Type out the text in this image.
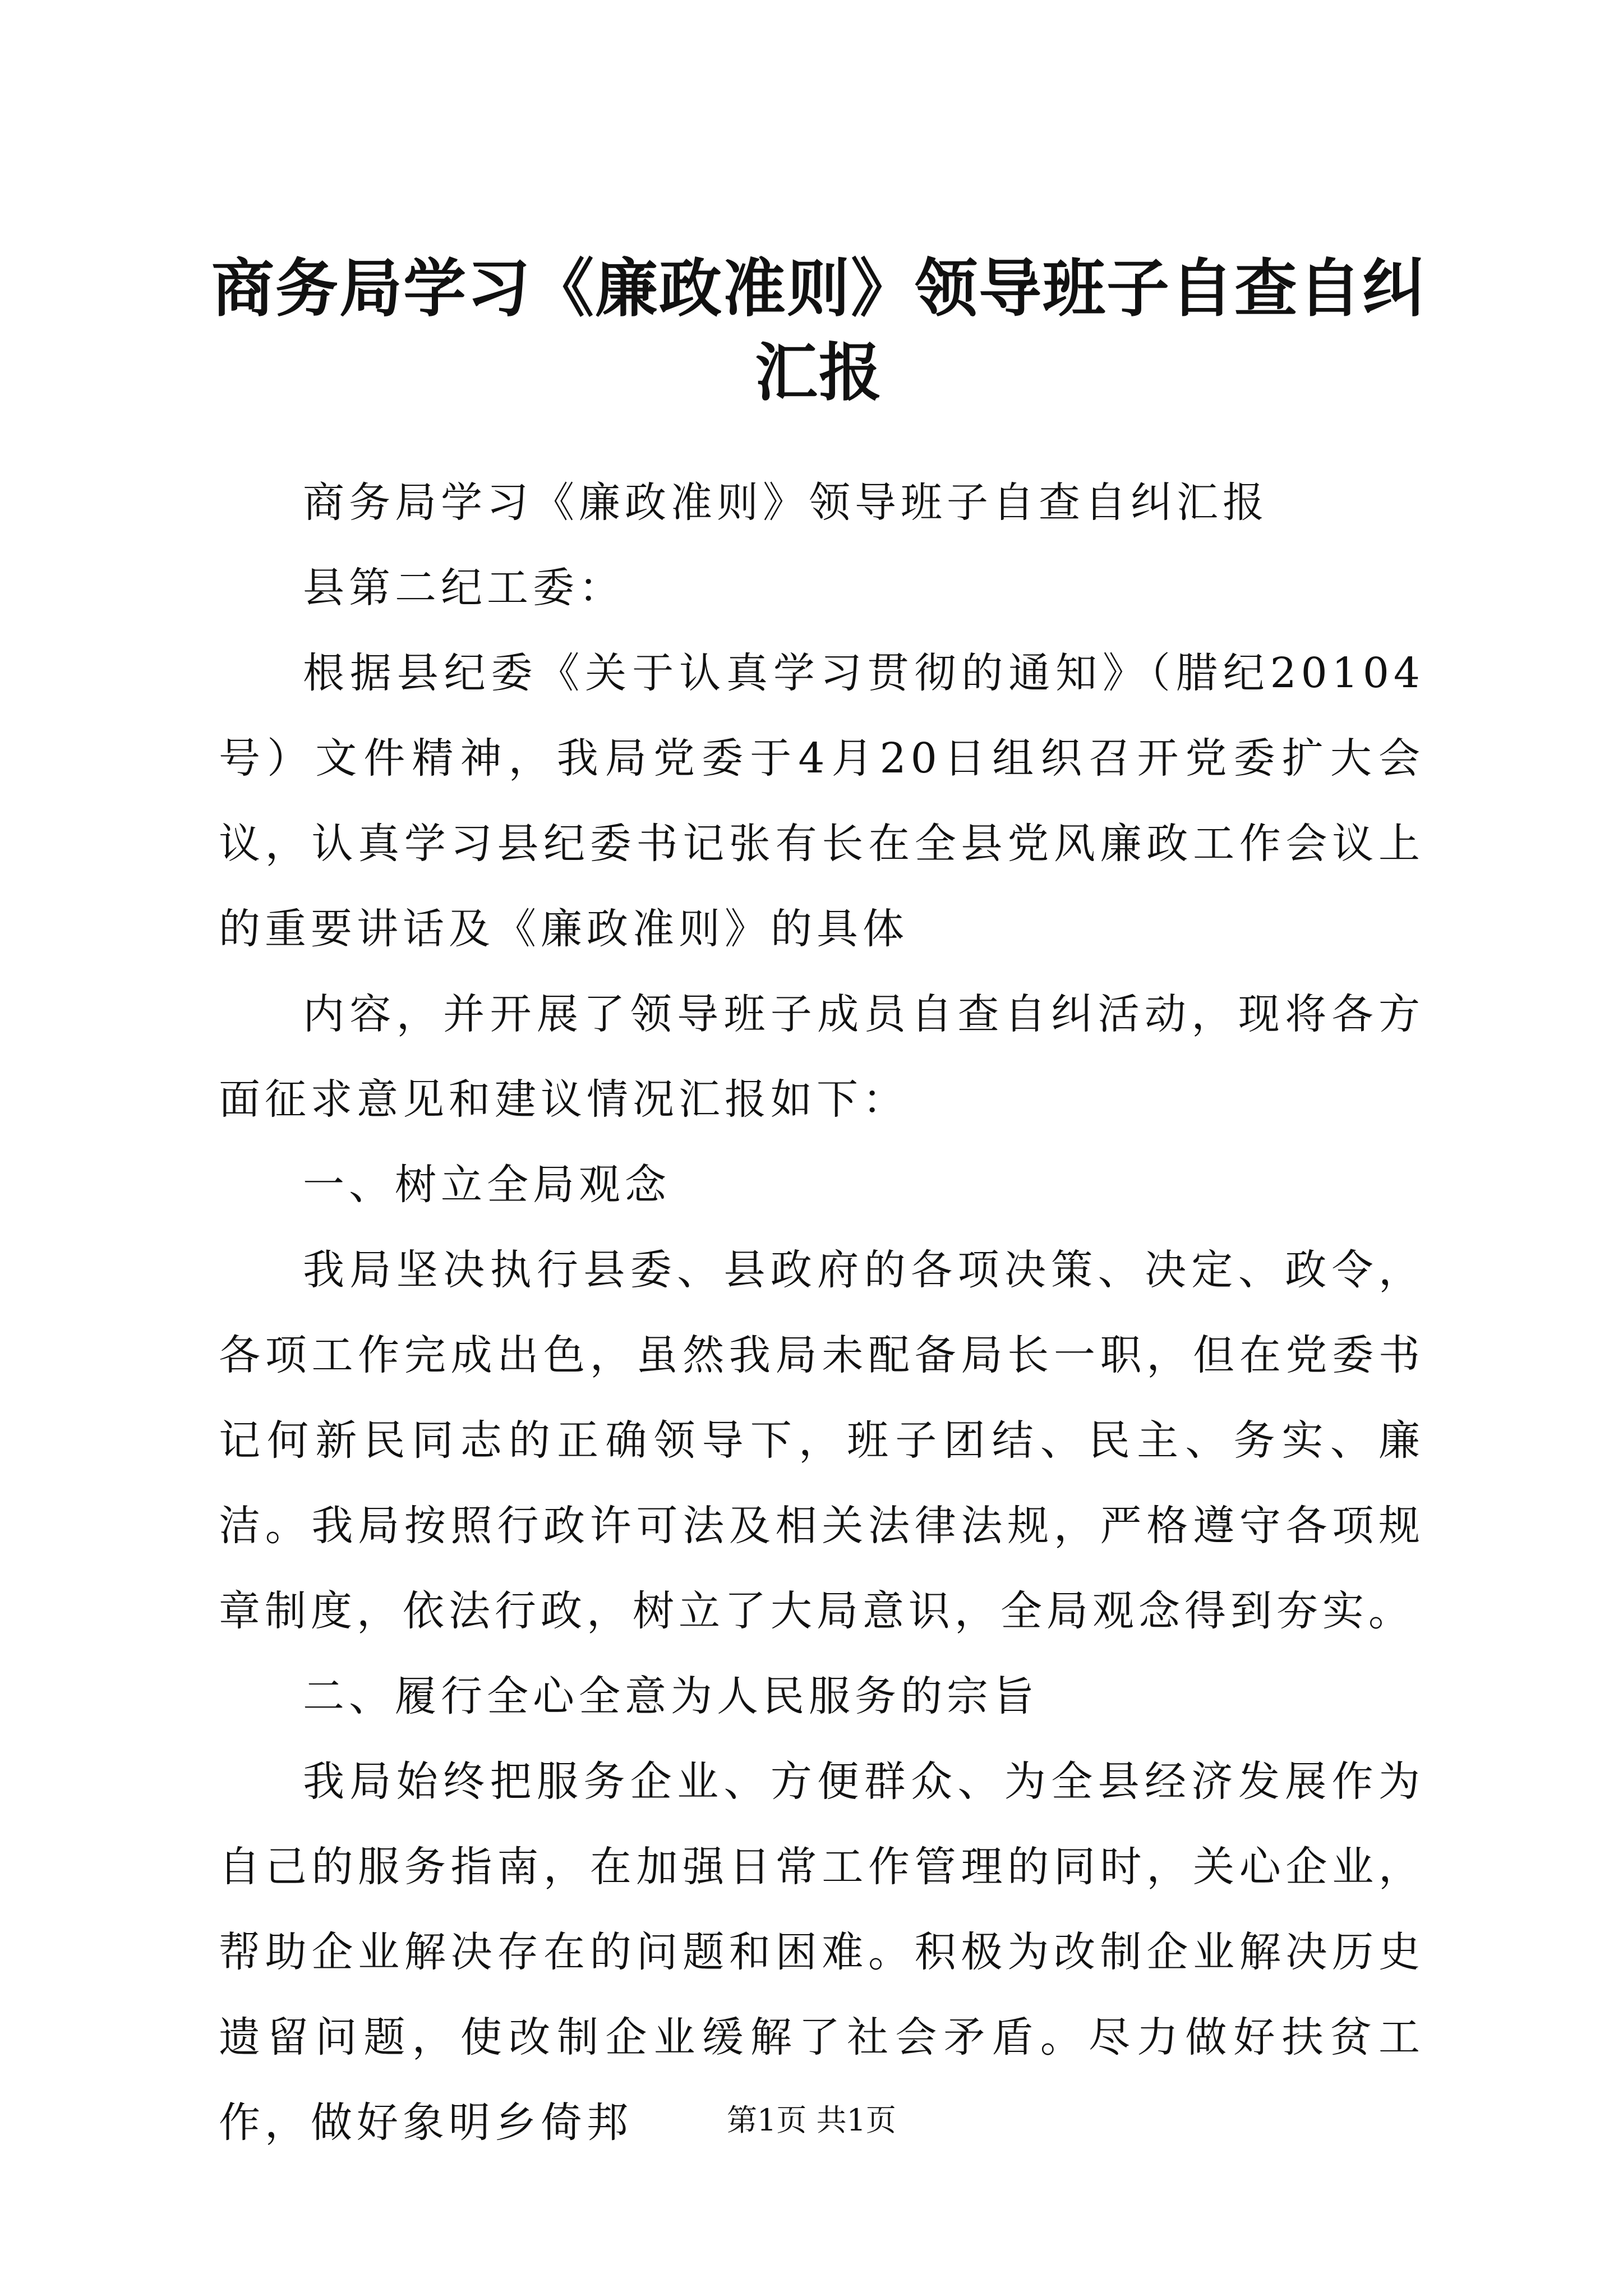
商务局学习《廉政准则》领导班子自查自纠汇报

商务局学习《廉政准则》领导班子自查自纠汇报

县第二纪工委：

根据县纪委《关于认真学习贯彻的通知》（腊纪20104号）文件精神，我局党委于4月20日组织召开党委扩大会议，认真学习县纪委书记张有长在全县党风廉政工作会议上的重要讲话及《廉政准则》的具体

内容，并开展了领导班子成员自查自纠活动，现将各方面征求意见和建议情况汇报如下：

一、树立全局观念

我局坚决执行县委、县政府的各项决策、决定、政令，各项工作完成出色，虽然我局未配备局长一职，但在党委书记何新民同志的正确领导下，班子团结、民主、务实、廉洁。我局按照行政许可法及相关法律法规，严格遵守各项规章制度，依法行政，树立了大局意识，全局观念得到夯实。

二、履行全心全意为人民服务的宗旨

我局始终把服务企业、方便群众、为全县经济发展作为自己的服务指南，在加强日常工作管理的同时，关心企业，帮助企业解决存在的问题和困难。积极为改制企业解决历史遗留问题，使改制企业缓解了社会矛盾。尽力做好扶贫工作，做好象明乡倚邦	第1页 共1页
